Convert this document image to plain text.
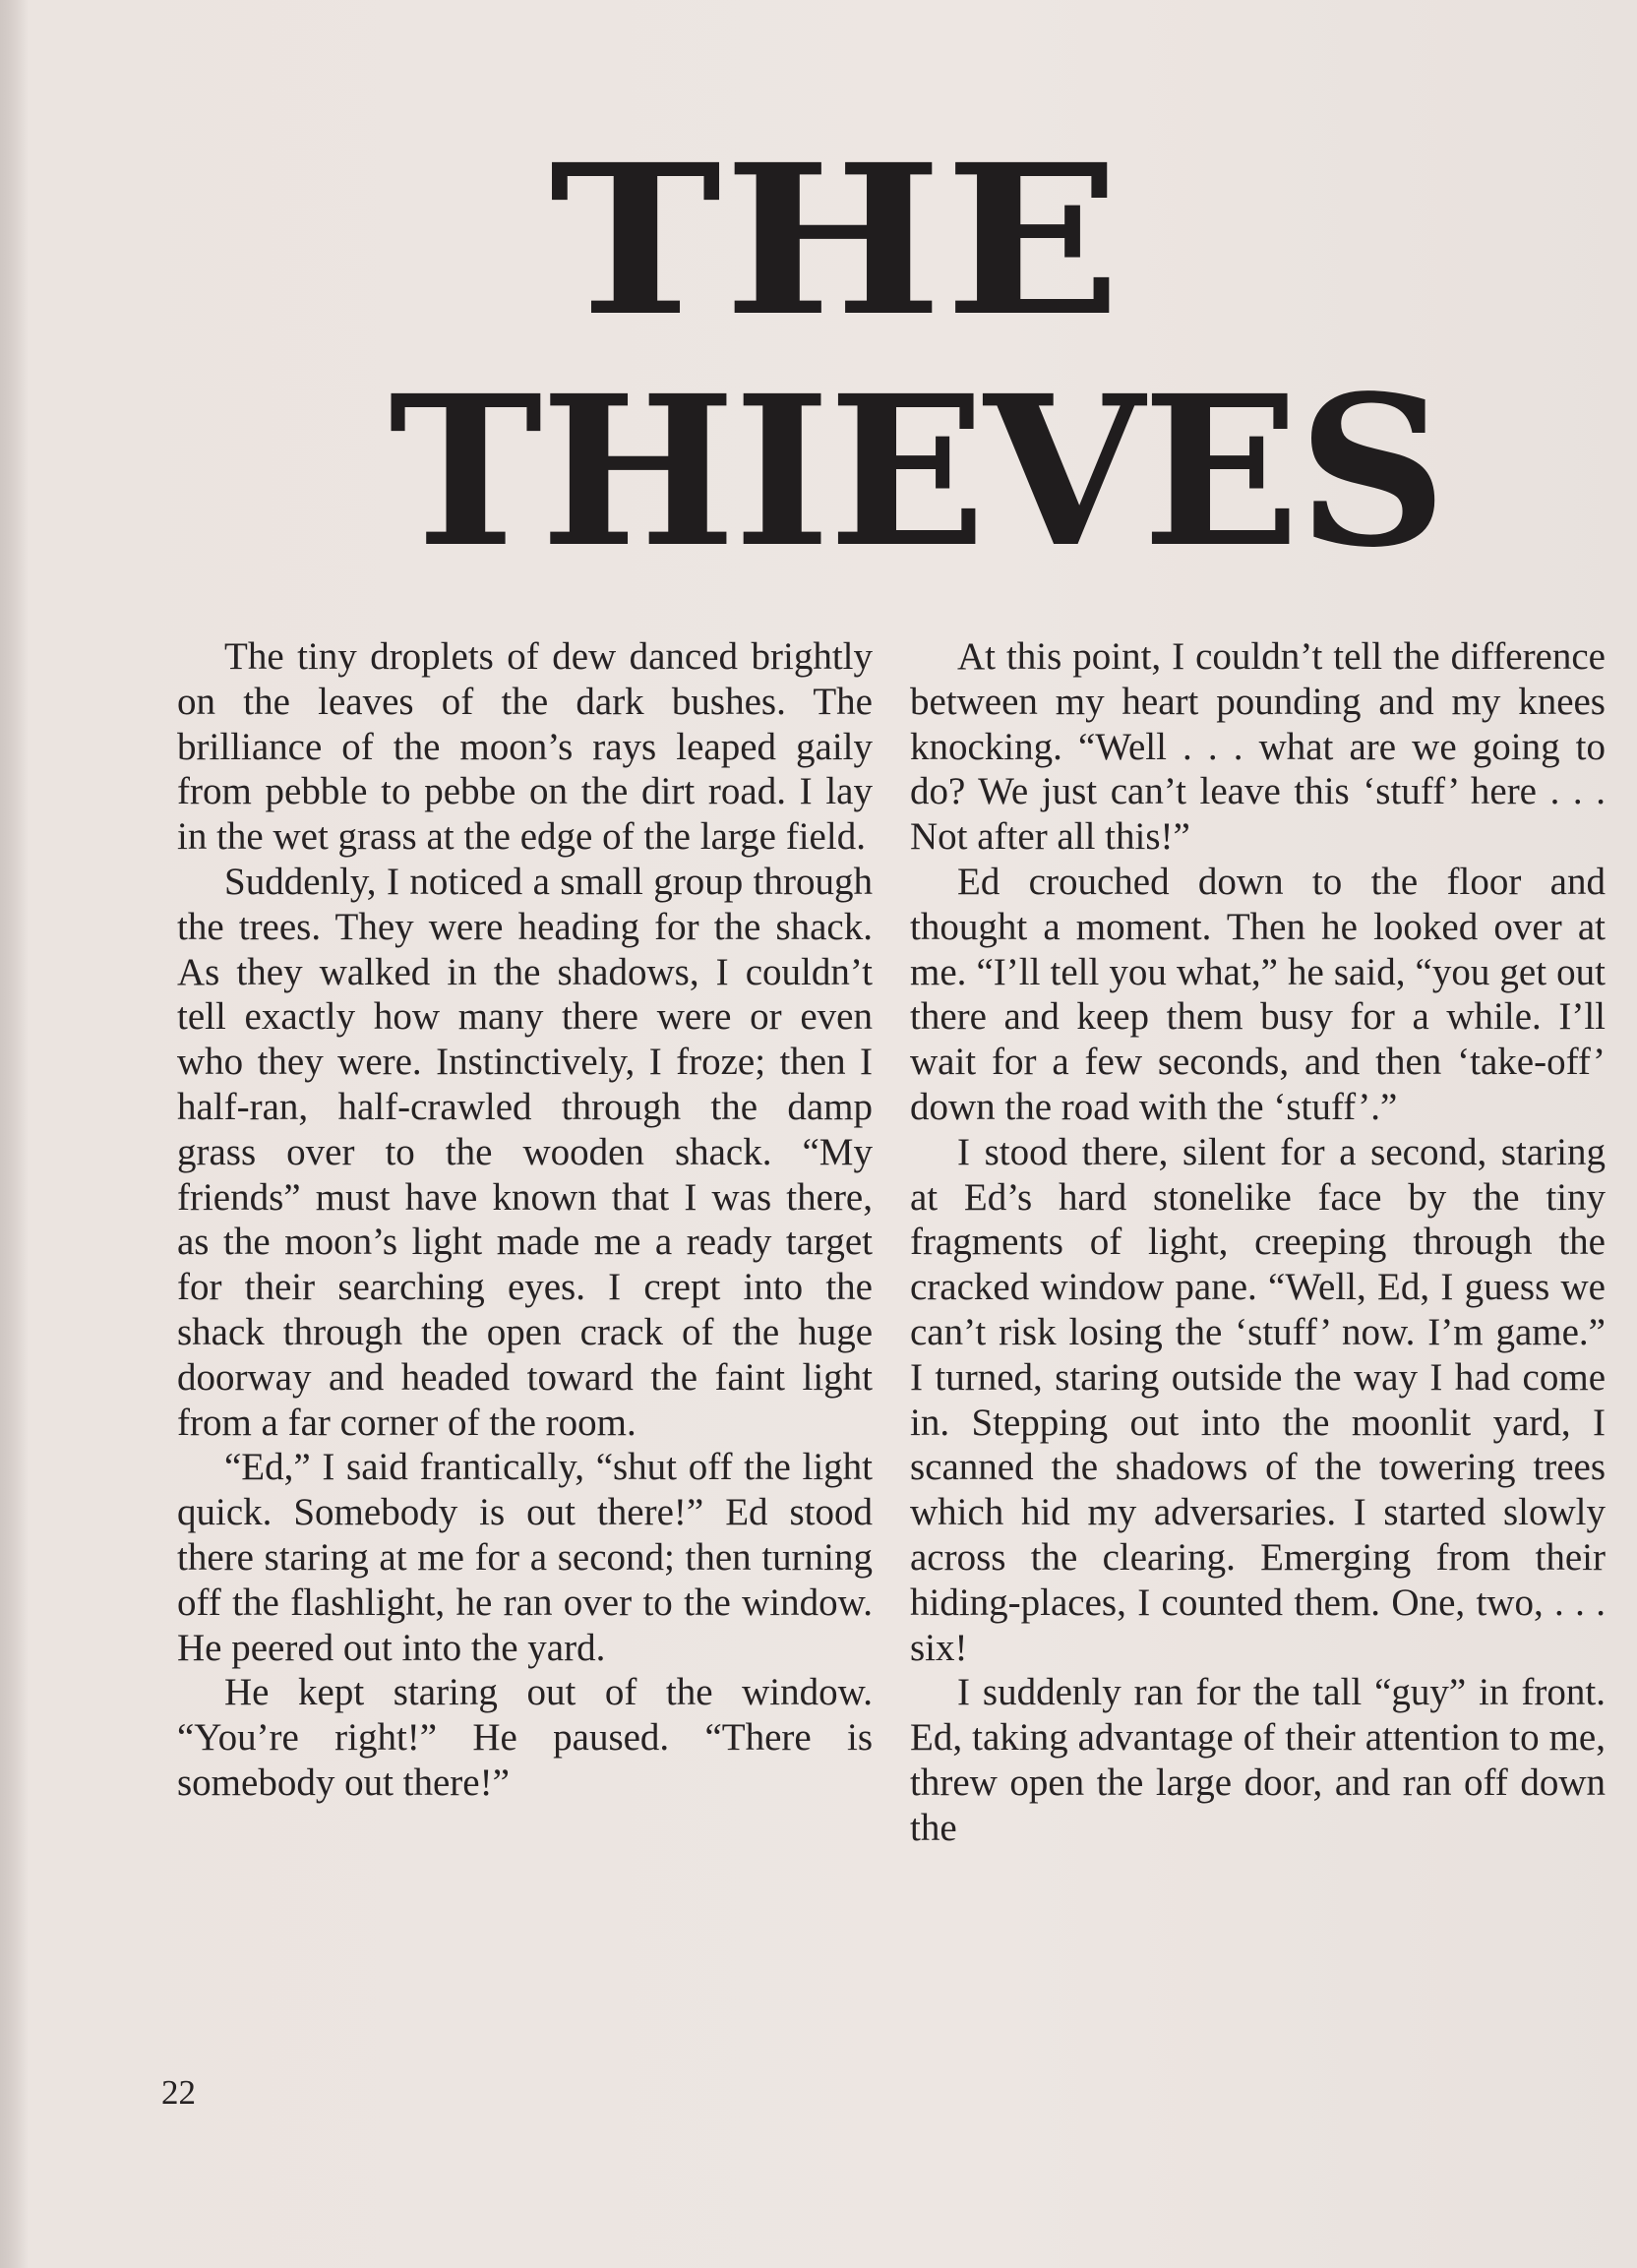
THE
THIEVES

The tiny droplets of dew danced brightly on the leaves of the dark bushes. The brilliance of the moon’s rays leaped gaily from pebble to pebbe on the dirt road. I lay in the wet grass at the edge of the large field.

Suddenly, I noticed a small group through the trees. They were heading for the shack. As they walked in the shadows, I couldn’t tell exactly how many there were or even who they were. Instinctively, I froze; then I half-ran, half-crawled through the damp grass over to the wooden shack. “My friends” must have known that I was there, as the moon’s light made me a ready target for their searching eyes. I crept into the shack through the open crack of the huge doorway and headed toward the faint light from a far corner of the room.

“Ed,” I said frantically, “shut off the light quick. Somebody is out there!” Ed stood there staring at me for a second; then turning off the flashlight, he ran over to the window. He peered out into the yard.

He kept staring out of the window. “You’re right!” He paused. “There is somebody out there!”

At this point, I couldn’t tell the difference between my heart pounding and my knees knocking. “Well . . . what are we going to do? We just can’t leave this ‘stuff’ here . . . Not after all this!”

Ed crouched down to the floor and thought a moment. Then he looked over at me. “I’ll tell you what,” he said, “you get out there and keep them busy for a while. I’ll wait for a few seconds, and then ‘take-off’ down the road with the ‘stuff’.”

I stood there, silent for a second, staring at Ed’s hard stonelike face by the tiny fragments of light, creeping through the cracked window pane. “Well, Ed, I guess we can’t risk losing the ‘stuff’ now. I’m game.” I turned, staring outside the way I had come in. Stepping out into the moonlit yard, I scanned the shadows of the towering trees which hid my adversaries. I started slowly across the clearing. Emerging from their hiding-places, I counted them. One, two, . . . six!

I suddenly ran for the tall “guy” in front. Ed, taking advantage of their attention to me, threw open the large door, and ran off down the

22
